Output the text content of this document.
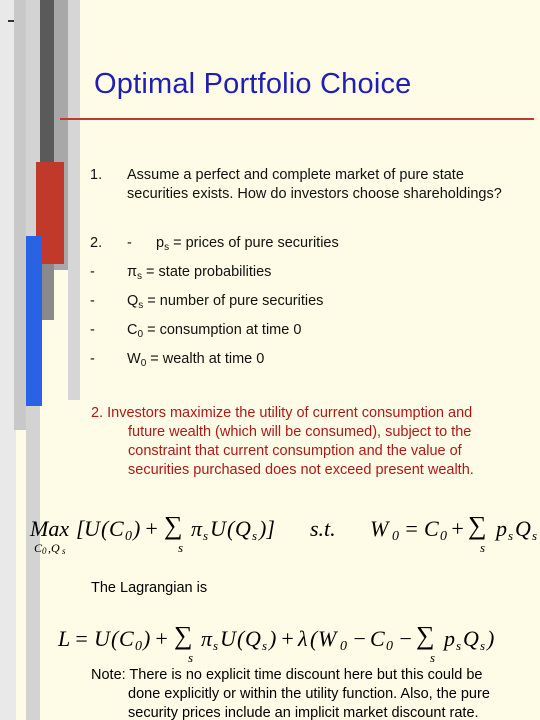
Optimal Portfolio Choice
1. Assume a perfect and complete market of pure state securities exists. How do investors choose shareholdings?
2. - $p_s$ = prices of pure securities
- $\pi_s$ = state probabilities
- $Q_s$ = number of pure securities
- $C_0$ = consumption at time 0
- $W_0$ = wealth at time 0
2. Investors maximize the utility of current consumption and
future wealth (which will be consumed), subject to the constraint that current consumption and the value of securities purchased does not exceed present wealth.
Max [ U ( C 0 ) + ∑
s
π s U ( Q s )]
C 0 ,Q s
s.t. W 0 = C 0 + ∑
s
p s Q s
The Lagrangian is
L = U ( C 0 ) + ∑
s
π s U ( Q s ) + λ ( W 0 − C 0 − ∑
s
p s Q s )
Note: There is no explicit time discount here but this could be
done explicitly or within the utility function. Also, the pure security prices include an implicit market discount rate.
